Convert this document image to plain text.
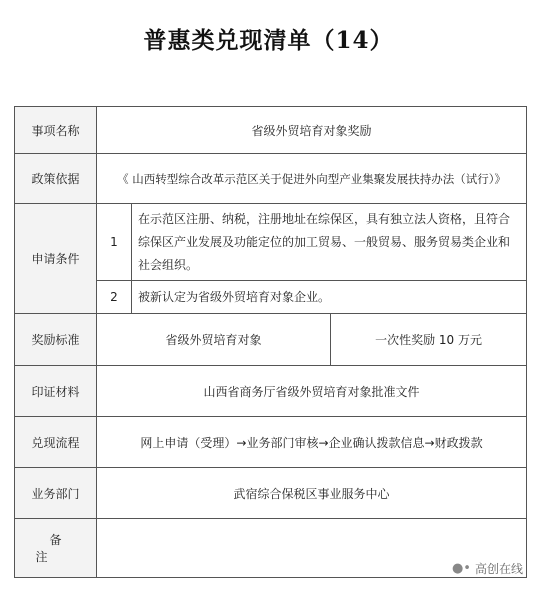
普惠类兑现清单（14）
事项名称	省级外贸培育对象奖励		
政策依据	《 山西转型综合改革示范区关于促进外向型产业集聚发展扶持办法（试行）》		
申请条件	1	在示范区注册、纳税，注册地址在综保区，具有独立法人资格，且符合综保区产业发展及功能定位的加工贸易、一般贸易、服务贸易类企业和社会组织。	
	2	被新认定为省级外贸培育对象企业。	
奖励标准	省级外贸培育对象		一次性奖励 10 万元
印证材料	山西省商务厅省级外贸培育对象批准文件		
兑现流程	网上申请（受理）→业务部门审核→企业确认拨款信息→财政拨款		
业务部门	武宿综合保税区事业服务中心		
备注			
●• 高创在线
